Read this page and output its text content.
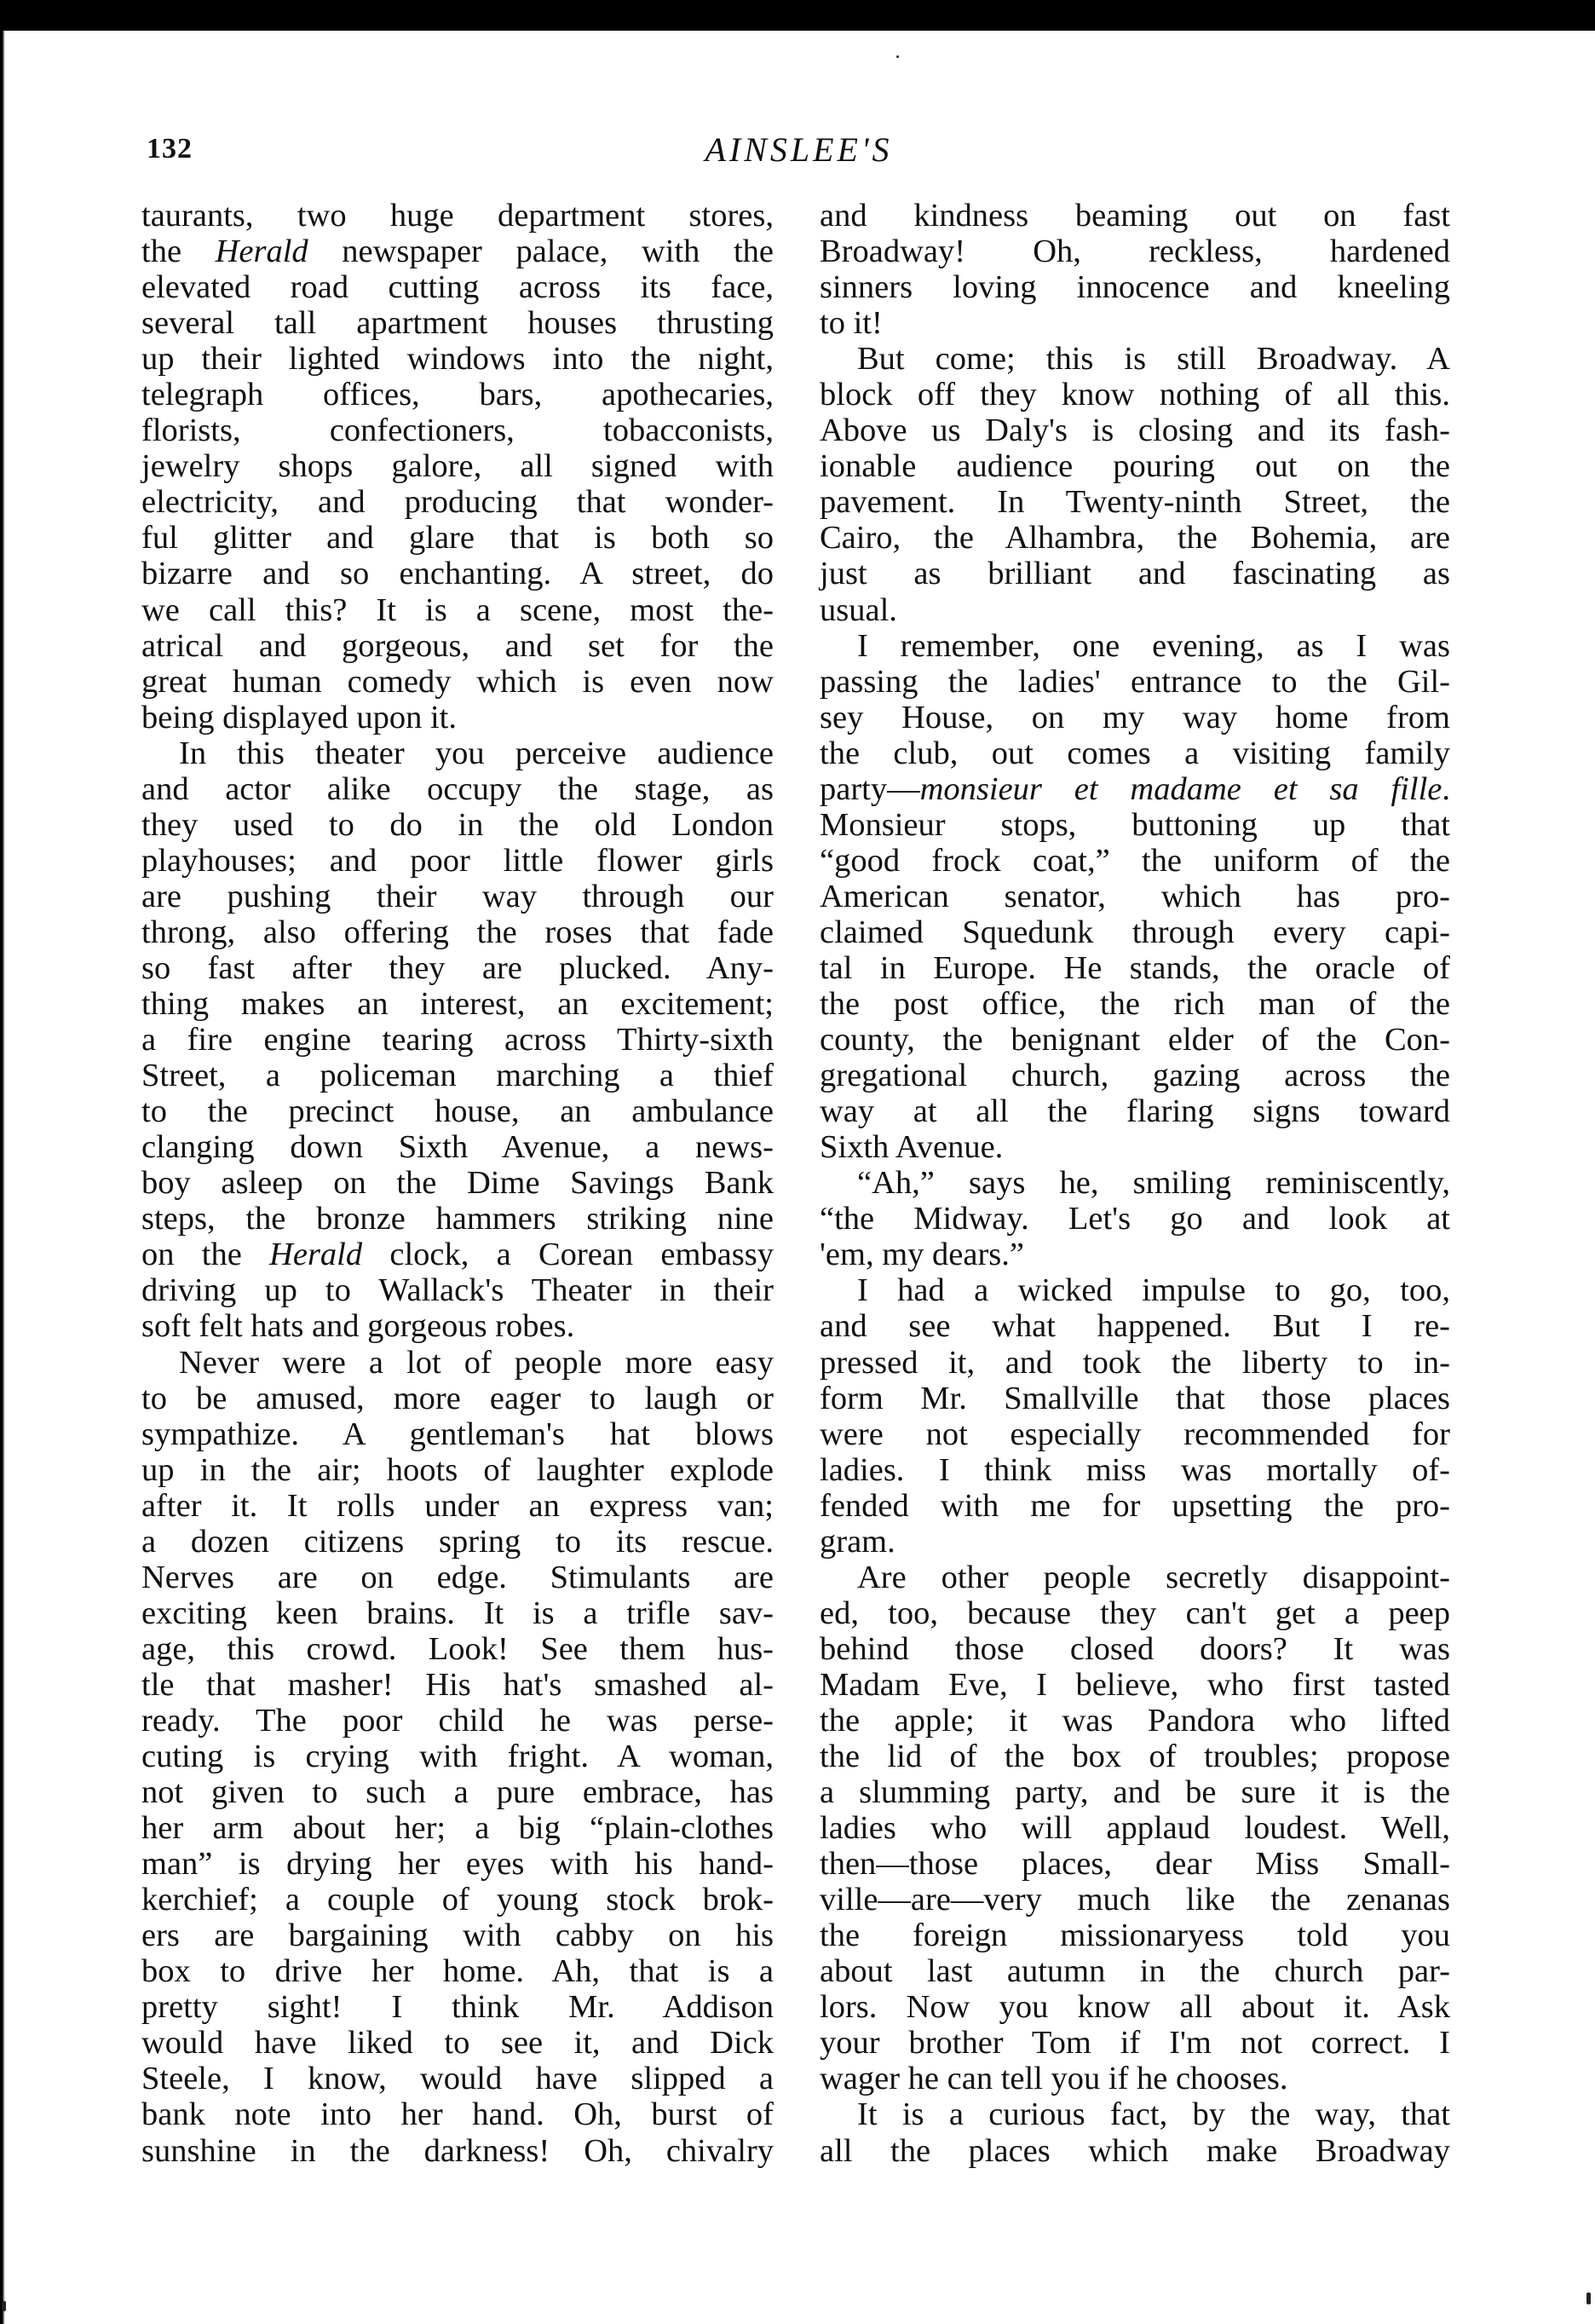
132	AINSLEE'S
taurants, two huge department stores,
the Herald newspaper palace, with the
elevated road cutting across its face,
several tall apartment houses thrusting
up their lighted windows into the night,
telegraph offices, bars, apothecaries,
florists, confectioners, tobacconists,
jewelry shops galore, all signed with
electricity, and producing that wonder-
ful glitter and glare that is both so
bizarre and so enchanting. A street, do
we call this? It is a scene, most the-
atrical and gorgeous, and set for the
great human comedy which is even now
being displayed upon it.
In this theater you perceive audience
and actor alike occupy the stage, as
they used to do in the old London
playhouses; and poor little flower girls
are pushing their way through our
throng, also offering the roses that fade
so fast after they are plucked. Any-
thing makes an interest, an excitement;
a fire engine tearing across Thirty-sixth
Street, a policeman marching a thief
to the precinct house, an ambulance
clanging down Sixth Avenue, a news-
boy asleep on the Dime Savings Bank
steps, the bronze hammers striking nine
on the Herald clock, a Corean embassy
driving up to Wallack's Theater in their
soft felt hats and gorgeous robes.
Never were a lot of people more easy
to be amused, more eager to laugh or
sympathize. A gentleman's hat blows
up in the air; hoots of laughter explode
after it. It rolls under an express van;
a dozen citizens spring to its rescue.
Nerves are on edge. Stimulants are
exciting keen brains. It is a trifle sav-
age, this crowd. Look! See them hus-
tle that masher! His hat's smashed al-
ready. The poor child he was perse-
cuting is crying with fright. A woman,
not given to such a pure embrace, has
her arm about her; a big “plain-clothes
man” is drying her eyes with his hand-
kerchief; a couple of young stock brok-
ers are bargaining with cabby on his
box to drive her home. Ah, that is a
pretty sight! I think Mr. Addison
would have liked to see it, and Dick
Steele, I know, would have slipped a
bank note into her hand. Oh, burst of
sunshine in the darkness! Oh, chivalry
and kindness beaming out on fast
Broadway! Oh, reckless, hardened
sinners loving innocence and kneeling
to it!
But come; this is still Broadway. A
block off they know nothing of all this.
Above us Daly's is closing and its fash-
ionable audience pouring out on the
pavement. In Twenty-ninth Street, the
Cairo, the Alhambra, the Bohemia, are
just as brilliant and fascinating as
usual.
I remember, one evening, as I was
passing the ladies' entrance to the Gil-
sey House, on my way home from
the club, out comes a visiting family
party—monsieur et madame et sa fille.
Monsieur stops, buttoning up that
“good frock coat,” the uniform of the
American senator, which has pro-
claimed Squedunk through every capi-
tal in Europe. He stands, the oracle of
the post office, the rich man of the
county, the benignant elder of the Con-
gregational church, gazing across the
way at all the flaring signs toward
Sixth Avenue.
“Ah,” says he, smiling reminiscently,
“the Midway. Let's go and look at
'em, my dears.”
I had a wicked impulse to go, too,
and see what happened. But I re-
pressed it, and took the liberty to in-
form Mr. Smallville that those places
were not especially recommended for
ladies. I think miss was mortally of-
fended with me for upsetting the pro-
gram.
Are other people secretly disappoint-
ed, too, because they can't get a peep
behind those closed doors? It was
Madam Eve, I believe, who first tasted
the apple; it was Pandora who lifted
the lid of the box of troubles; propose
a slumming party, and be sure it is the
ladies who will applaud loudest. Well,
then—those places, dear Miss Small-
ville—are—very much like the zenanas
the foreign missionaryess told you
about last autumn in the church par-
lors. Now you know all about it. Ask
your brother Tom if I'm not correct. I
wager he can tell you if he chooses.
It is a curious fact, by the way, that
all the places which make Broadway
